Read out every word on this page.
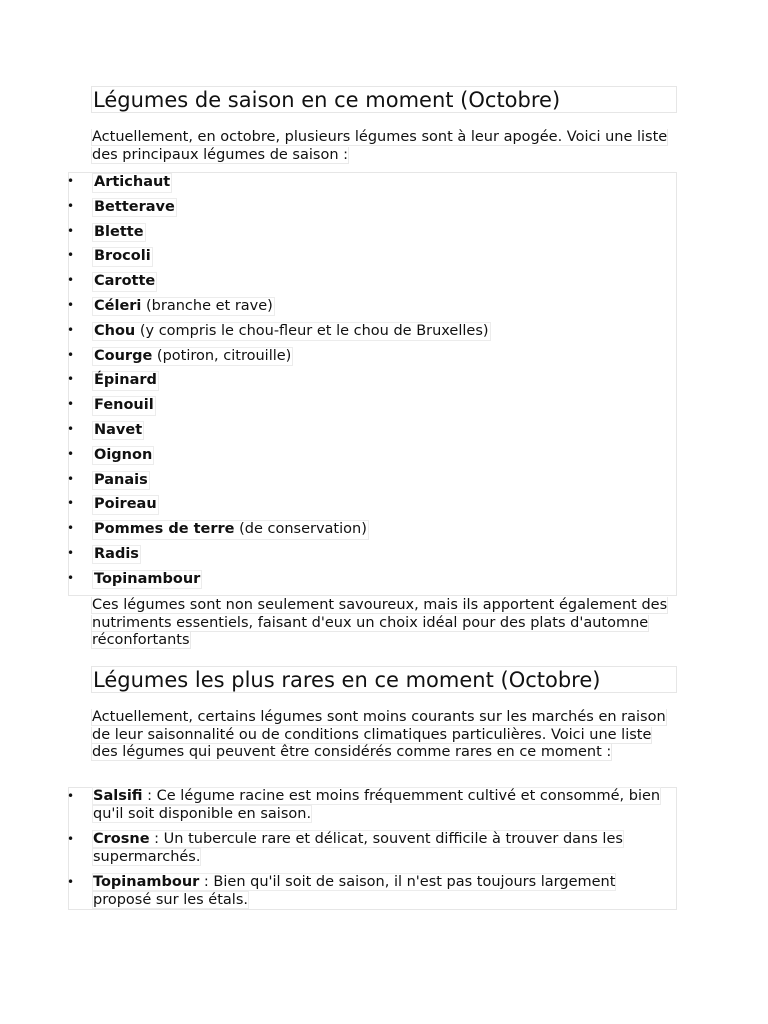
Légumes de saison en ce moment (Octobre)
Actuellement, en octobre, plusieurs légumes sont à leur apogée. Voici une liste des principaux légumes de saison :
• Artichaut
• Betterave
• Blette
• Brocoli
• Carotte
• Céleri (branche et rave)
• Chou (y compris le chou-fleur et le chou de Bruxelles)
• Courge (potiron, citrouille)
• Épinard
• Fenouil
• Navet
• Oignon
• Panais
• Poireau
• Pommes de terre (de conservation)
• Radis
• Topinambour
Ces légumes sont non seulement savoureux, mais ils apportent également des nutriments essentiels, faisant d'eux un choix idéal pour des plats d'automne réconfortants
Légumes les plus rares en ce moment (Octobre)
Actuellement, certains légumes sont moins courants sur les marchés en raison de leur saisonnalité ou de conditions climatiques particulières. Voici une liste des légumes qui peuvent être considérés comme rares en ce moment :
• Salsifi : Ce légume racine est moins fréquemment cultivé et consommé, bien qu'il soit disponible en saison.
• Crosne : Un tubercule rare et délicat, souvent difficile à trouver dans les supermarchés.
• Topinambour : Bien qu'il soit de saison, il n'est pas toujours largement proposé sur les étals.
